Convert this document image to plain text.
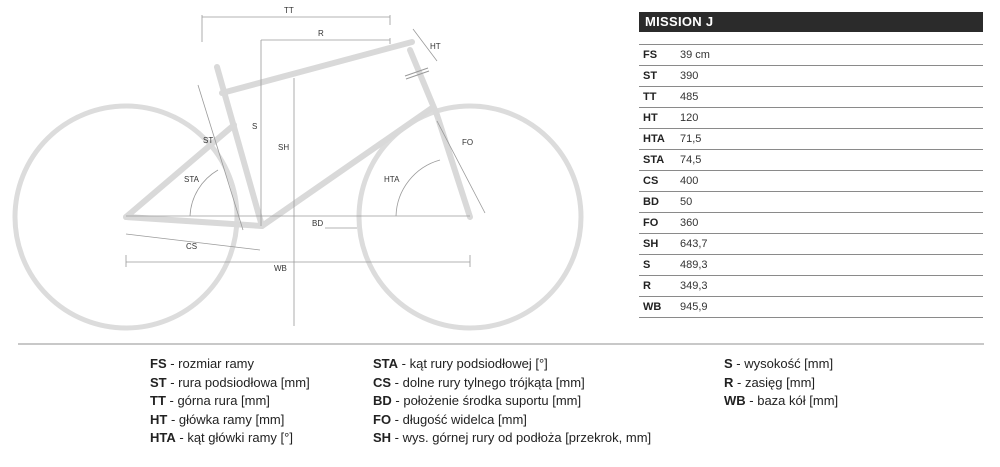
TT
R
HT
S
SH
ST
STA	HTA
FO
BD
CS
WB
MISSION J
FS	39 cm
ST	390
TT	485
HT	120
HTA	71,5
STA	74,5
CS	400
BD	50
FO	360
SH	643,7
S	489,3
R	349,3
WB	945,9
FS - rozmiar ramy
ST - rura podsiodłowa [mm]
TT - górna rura [mm]
HT - główka ramy [mm]
HTA - kąt główki ramy [°]
STA - kąt rury podsiodłowej [°]
CS - dolne rury tylnego trójkąta [mm]
BD - położenie środka suportu [mm]
FO - długość widelca [mm]
SH - wys. górnej rury od podłoża [przekrok, mm]
S - wysokość [mm]
R - zasięg [mm]
WB - baza kół [mm]
